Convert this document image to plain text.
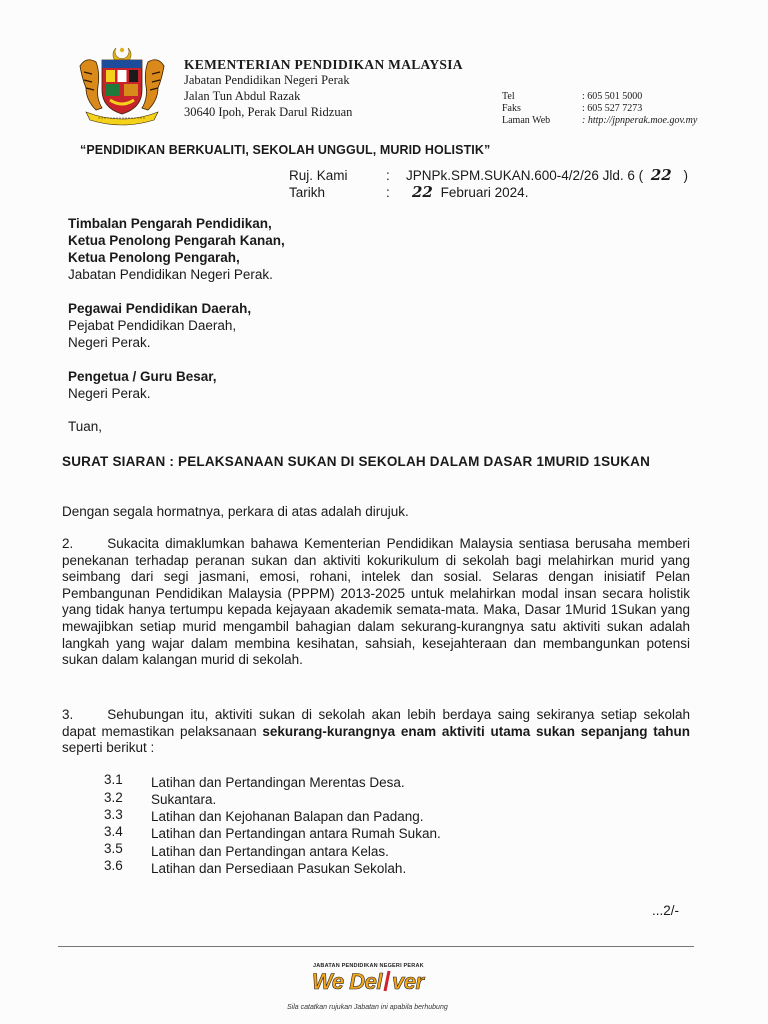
KEMENTERIAN PENDIDIKAN MALAYSIA
Jabatan Pendidikan Negeri Perak
Jalan Tun Abdul Razak
30640 Ipoh, Perak Darul Ridzuan
Tel	: 605 501 5000
Faks	: 605 527 7273
Laman Web	: http://jpnperak.moe.gov.my
“PENDIDIKAN BERKUALITI, SEKOLAH UNGGUL, MURID HOLISTIK”
Ruj. Kami	: JPNPk.SPM.SUKAN.600-4/2/26 Jld. 6 ( 22 )
Tarikh	: 22 Februari 2024.
Timbalan Pengarah Pendidikan,
Ketua Penolong Pengarah Kanan,
Ketua Penolong Pengarah,
Jabatan Pendidikan Negeri Perak.
Pegawai Pendidikan Daerah,
Pejabat Pendidikan Daerah,
Negeri Perak.
Pengetua / Guru Besar,
Negeri Perak.
Tuan,
SURAT SIARAN : PELAKSANAAN SUKAN DI SEKOLAH DALAM DASAR 1MURID 1SUKAN
Dengan segala hormatnya, perkara di atas adalah dirujuk.
2.	Sukacita dimaklumkan bahawa Kementerian Pendidikan Malaysia sentiasa berusaha memberi penekanan terhadap peranan sukan dan aktiviti kokurikulum di sekolah bagi melahirkan murid yang seimbang dari segi jasmani, emosi, rohani, intelek dan sosial. Selaras dengan inisiatif Pelan Pembangunan Pendidikan Malaysia (PPPM) 2013-2025 untuk melahirkan modal insan secara holistik yang tidak hanya tertumpu kepada kejayaan akademik semata-mata. Maka, Dasar 1Murid 1Sukan yang mewajibkan setiap murid mengambil bahagian dalam sekurang-kurangnya satu aktiviti sukan adalah langkah yang wajar dalam membina kesihatan, sahsiah, kesejahteraan dan membangunkan potensi sukan dalam kalangan murid di sekolah.
3.	Sehubungan itu, aktiviti sukan di sekolah akan lebih berdaya saing sekiranya setiap sekolah dapat memastikan pelaksanaan sekurang-kurangnya enam aktiviti utama sukan sepanjang tahun seperti berikut :
3.1 Latihan dan Pertandingan Merentas Desa.
3.2 Sukantara.
3.3 Latihan dan Kejohanan Balapan dan Padang.
3.4 Latihan dan Pertandingan antara Rumah Sukan.
3.5 Latihan dan Pertandingan antara Kelas.
3.6 Latihan dan Persediaan Pasukan Sekolah.
...2/-
JABATAN PENDIDIKAN NEGERI PERAK
We Del ver
Sila catatkan rujukan Jabatan ini apabila berhubung
